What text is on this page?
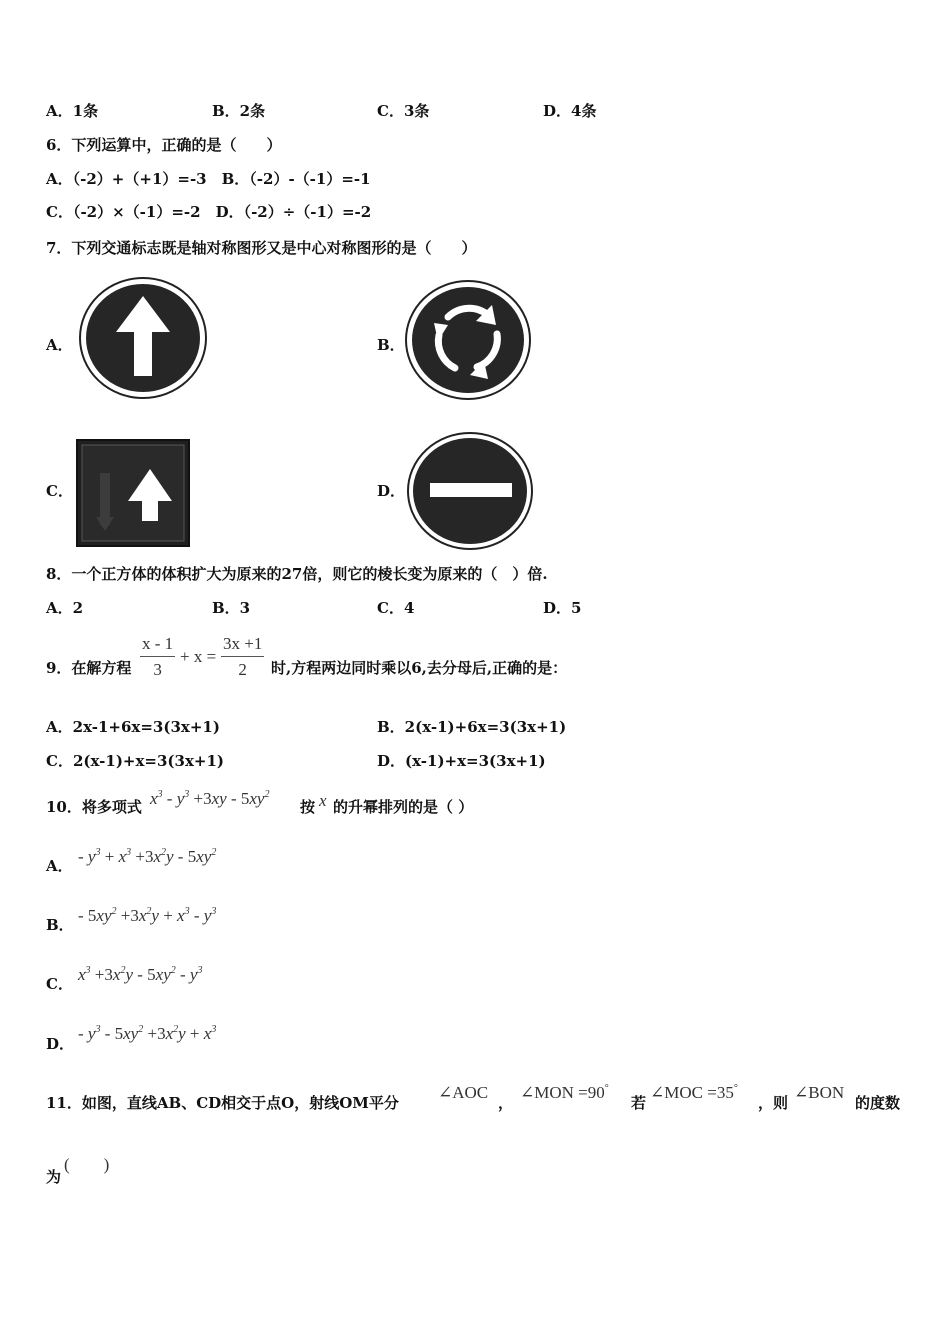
A．1条	B．2条	C．3条	D．4条
6．下列运算中，正确的是（　　）
A．（-2）+（+1）=-3　B．（-2）-（-1）=-1
C．（-2）×（-1）=-2　D．（-2）÷（-1）=-2
7．下列交通标志既是轴对称图形又是中心对称图形的是（　　）
A．	B．
C．	D．
8．一个正方体的体积扩大为原来的27倍，则它的棱长变为原来的（　）倍.
A．2	B．3	C．4	D．5
9．在解方程 $\frac{x - 1}{3} + x = \frac{3x +1}{2}$ 时,方程两边同时乘以6,去分母后,正确的是：
A．2x-1+6x=3(3x+1)	B．2(x-1)+6x=3(3x+1)
C．2(x-1)+x=3(3x+1)	D．(x-1)+x=3(3x+1)
10．将多项式 $x^3 - y^3 +3xy - 5xy^2$
按 x 的升幂排列的是（ ）
A． - $y^3 + x^3 +3x^2y - 5xy^2$
B． - $5xy^2 +3x^2y + x^3 - y^3$
C． $x^3 +3x^2y - 5xy^2 - y^3$
D．
- $y^3 - 5xy^2 +3x^2y + x^3$
11．如图，直线AB、CD相交于点O，射线OM平分
∠AOC
，
∠MON =90°
若
∠MOC =35°
，则
∠BON
的度数
为
(　　)
